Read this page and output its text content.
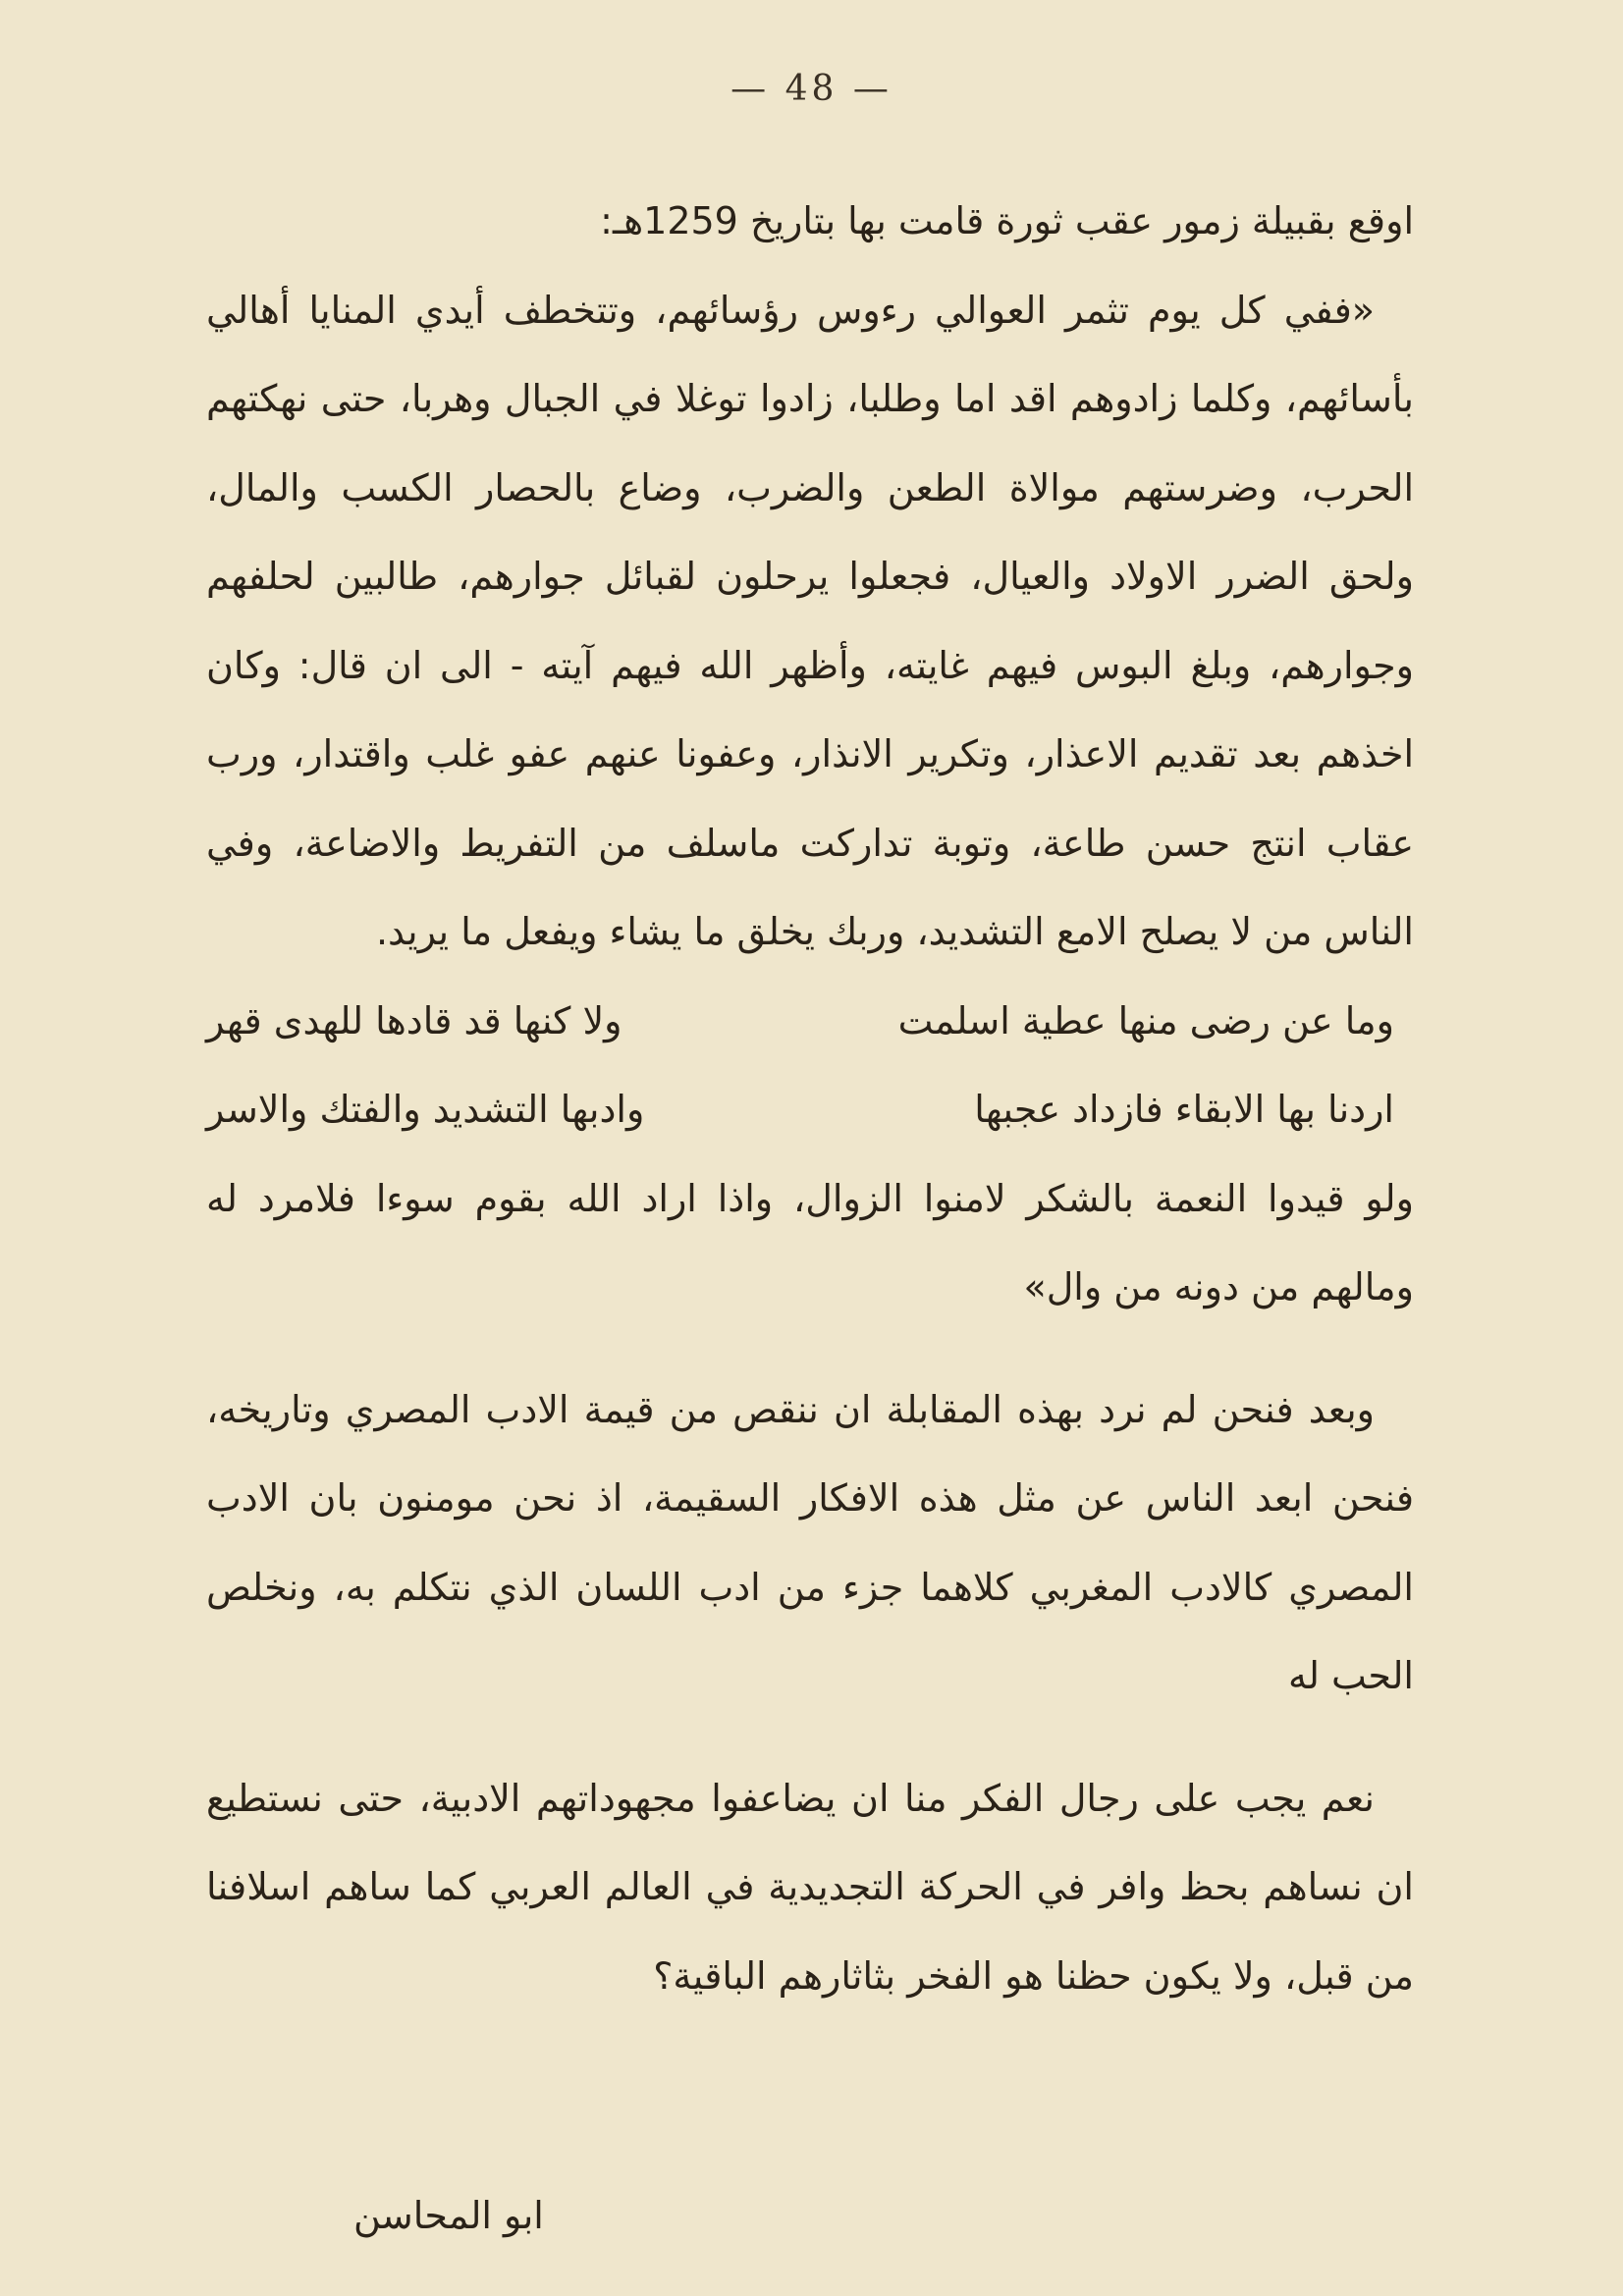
— 48 —

اوقع بقبيلة زمور عقب ثورة قامت بها بتاريخ 1259هـ:

«ففي كل يوم تثمر العوالي رءوس رؤسائهم، وتتخطف أيدي المنايا أهالي بأسائهم، وكلما زادوهم اقد اما وطلبا، زادوا توغلا في الجبال وهربا، حتى نهكتهم الحرب، وضرستهم موالاة الطعن والضرب، وضاع بالحصار الكسب والمال، ولحق الضرر الاولاد والعيال، فجعلوا يرحلون لقبائل جوارهم، طالبين لحلفهم وجوارهم، وبلغ البوس فيهم غايته، وأظهر الله فيهم آيته - الى ان قال: وكان اخذهم بعد تقديم الاعذار، وتكرير الانذار، وعفونا عنهم عفو غلب واقتدار، ورب عقاب انتج حسن طاعة، وتوبة تداركت ماسلف من التفريط والاضاعة، وفي الناس من لا يصلح الامع التشديد، وربك يخلق ما يشاء ويفعل ما يريد.

وما عن رضى منها عطية اسلمت
ولا كنها قد قادها للهدى قهر
اردنا بها الابقاء فازداد عجبها
وادبها التشديد والفتك والاسر

ولو قيدوا النعمة بالشكر لامنوا الزوال، واذا اراد الله بقوم سوءا فلامرد له ومالهم من دونه من وال»

وبعد فنحن لم نرد بهذه المقابلة ان ننقص من قيمة الادب المصري وتاريخه، فنحن ابعد الناس عن مثل هذه الافكار السقيمة، اذ نحن مومنون بان الادب المصري كالادب المغربي كلاهما جزء من ادب اللسان الذي نتكلم به، ونخلص الحب له

نعم يجب على رجال الفكر منا ان يضاعفوا مجهوداتهم الادبية، حتى نستطيع ان نساهم بحظ وافر في الحركة التجديدية في العالم العربي كما ساهم اسلافنا من قبل، ولا يكون حظنا هو الفخر بثاثارهم الباقية؟

ابو المحاسن
